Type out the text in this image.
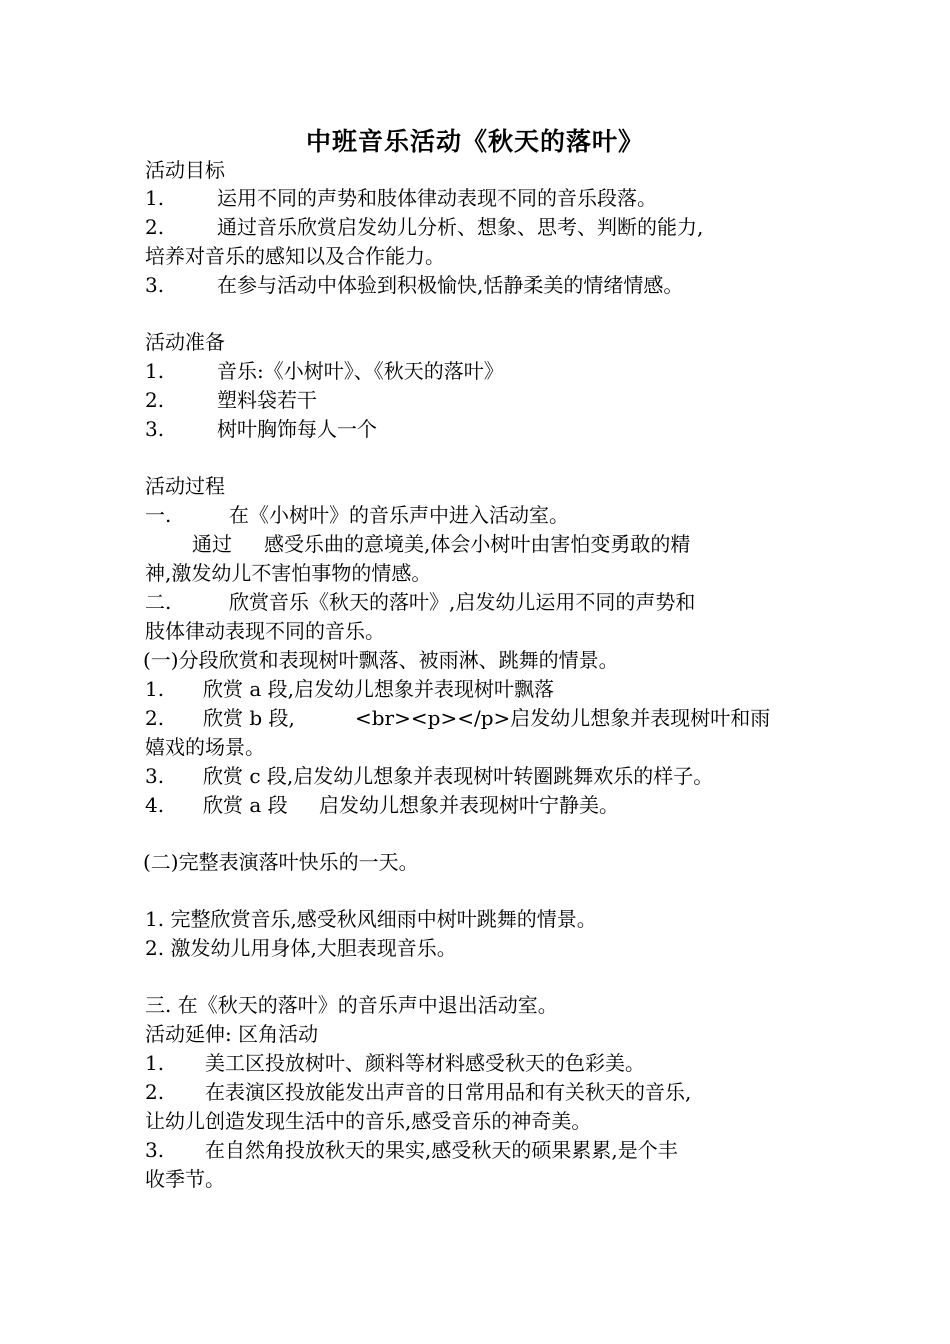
中班音乐活动《秋天的落叶》
活动目标
1.	运用不同的声势和肢体律动表现不同的音乐段落。
2.	通过音乐欣赏启发幼儿分析、想象、思考、判断的能力,
培养对音乐的感知以及合作能力。
3.	在参与活动中体验到积极愉快,恬静柔美的情绪情感。
活动准备
1.	音乐:《小树叶》、《秋天的落叶》
2.	塑料袋若干
3.	树叶胸饰每人一个
活动过程
一.	在《小树叶》的音乐声中进入活动室。
通过 感受乐曲的意境美,体会小树叶由害怕变勇敢的精
神,激发幼儿不害怕事物的情感。
二.	欣赏音乐《秋天的落叶》,启发幼儿运用不同的声势和
肢体律动表现不同的音乐。
(一)分段欣赏和表现树叶飘落、被雨淋、跳舞的情景。
1. 欣赏 a 段,启发幼儿想象并表现树叶飘落
2. 欣赏 b 段,	<br><p></p>启发幼儿想象并表现树叶和雨
嬉戏的场景。
3. 欣赏 c 段,启发幼儿想象并表现树叶转圈跳舞欢乐的样子。
4. 欣赏 a 段 启发幼儿想象并表现树叶宁静美。
(二)完整表演落叶快乐的一天。
1. 完整欣赏音乐,感受秋风细雨中树叶跳舞的情景。
2. 激发幼儿用身体,大胆表现音乐。
三. 在《秋天的落叶》的音乐声中退出活动室。
活动延伸: 区角活动
1. 美工区投放树叶、颜料等材料感受秋天的色彩美。
2. 在表演区投放能发出声音的日常用品和有关秋天的音乐,
让幼儿创造发现生活中的音乐,感受音乐的神奇美。
3. 在自然角投放秋天的果实,感受秋天的硕果累累,是个丰
收季节。
